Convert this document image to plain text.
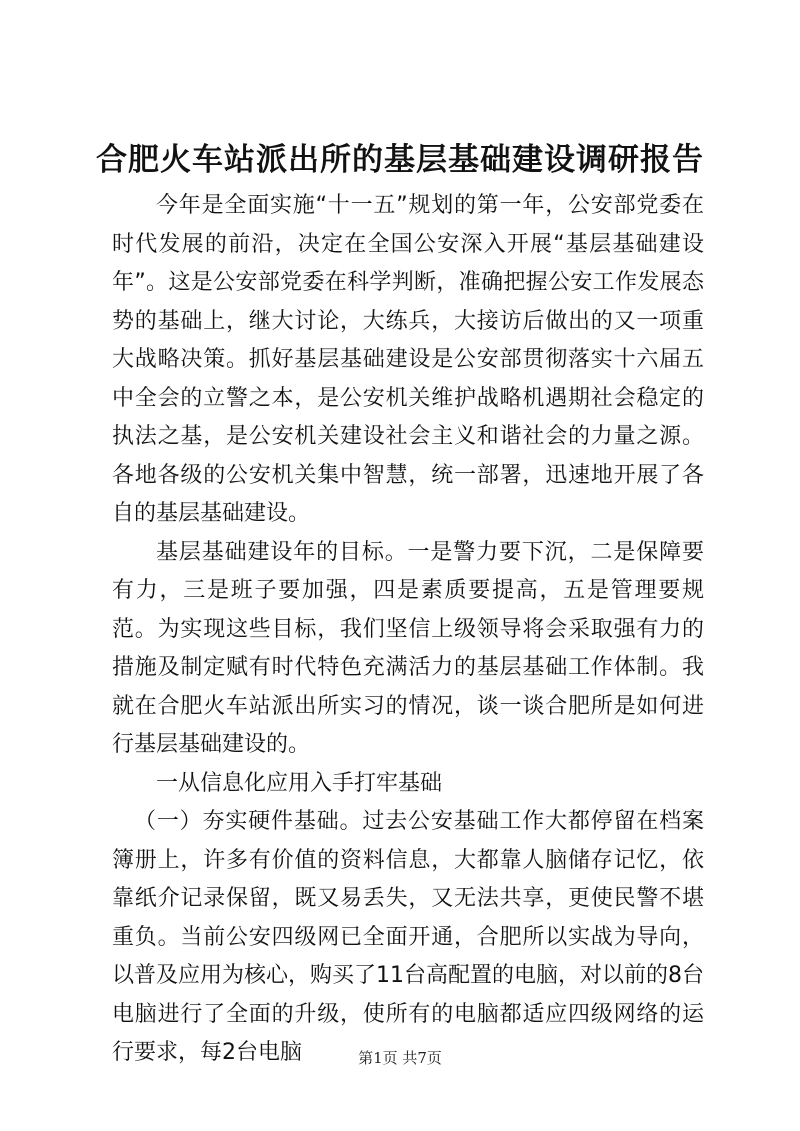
合肥火车站派出所的基层基础建设调研报告

今年是全面实施“十一五”规划的第一年，公安部党委在时代发展的前沿，决定在全国公安深入开展“基层基础建设年”。这是公安部党委在科学判断，准确把握公安工作发展态势的基础上，继大讨论，大练兵，大接访后做出的又一项重大战略决策。抓好基层基础建设是公安部贯彻落实十六届五中全会的立警之本，是公安机关维护战略机遇期社会稳定的执法之基，是公安机关建设社会主义和谐社会的力量之源。各地各级的公安机关集中智慧，统一部署，迅速地开展了各自的基层基础建设。

基层基础建设年的目标。一是警力要下沉，二是保障要有力，三是班子要加强，四是素质要提高，五是管理要规范。为实现这些目标，我们坚信上级领导将会采取强有力的措施及制定赋有时代特色充满活力的基层基础工作体制。我就在合肥火车站派出所实习的情况，谈一谈合肥所是如何进行基层基础建设的。

一从信息化应用入手打牢基础

（一）夯实硬件基础。过去公安基础工作大都停留在档案簿册上，许多有价值的资料信息，大都靠人脑储存记忆，依靠纸介记录保留，既又易丢失，又无法共享，更使民警不堪重负。当前公安四级网已全面开通，合肥所以实战为导向，以普及应用为核心，购买了11台高配置的电脑，对以前的8台电脑进行了全面的升级，使所有的电脑都适应四级网络的运行要求，每2台电脑	第1页 共7页
